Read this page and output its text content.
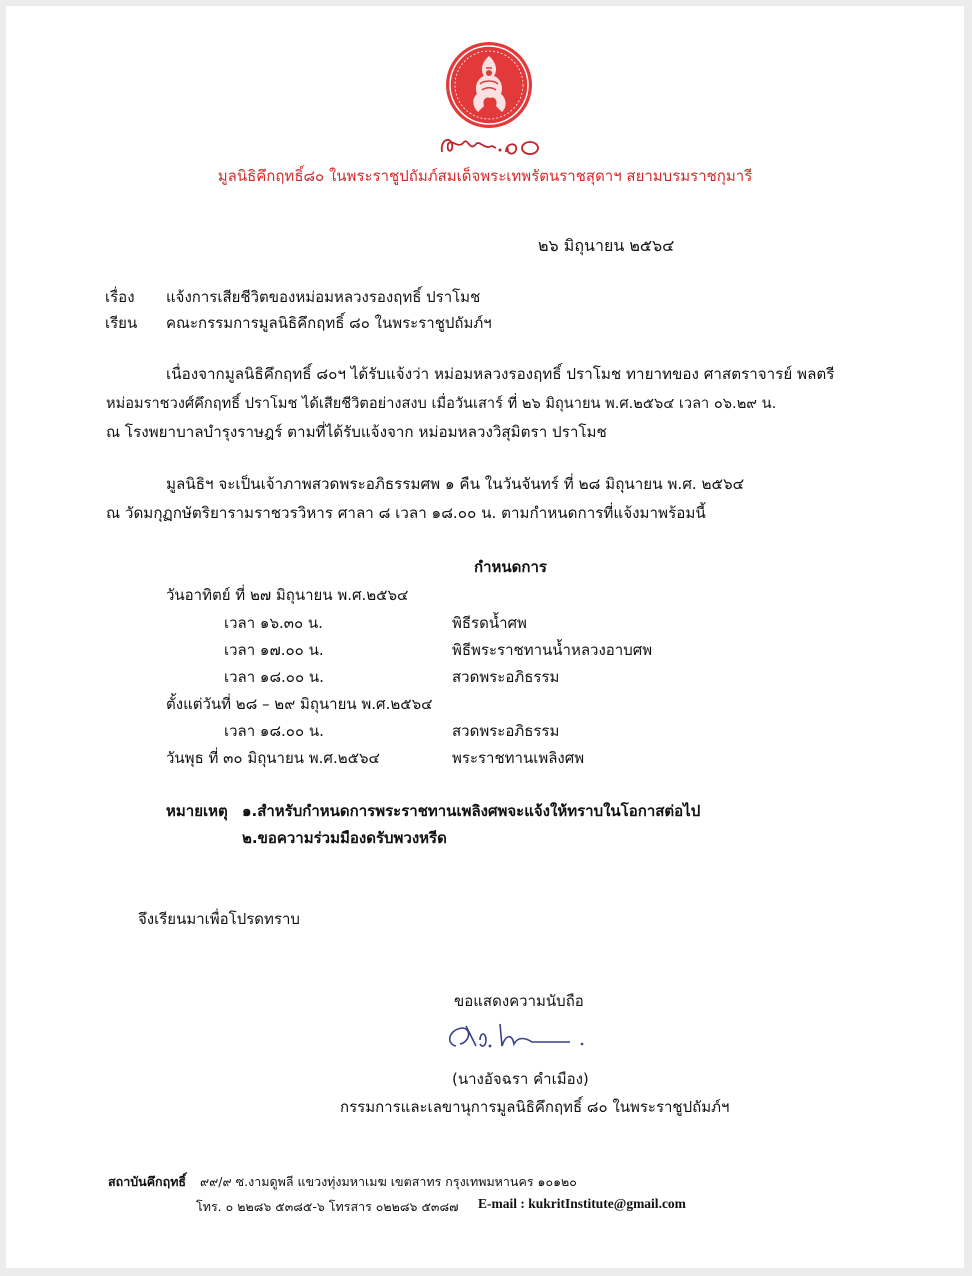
มูลนิธิคึกฤทธิ์๘๐ ในพระราชูปถัมภ์สมเด็จพระเทพรัตนราชสุดาฯ สยามบรมราชกุมารี
๒๖ มิถุนายน ๒๕๖๔
เรื่อง แจ้งการเสียชีวิตของหม่อมหลวงรองฤทธิ์ ปราโมช
เรียน คณะกรรมการมูลนิธิคึกฤทธิ์ ๘๐ ในพระราชูปถัมภ์ฯ
เนื่องจากมูลนิธิคึกฤทธิ์ ๘๐ฯ ได้รับแจ้งว่า หม่อมหลวงรองฤทธิ์ ปราโมช ทายาทของ ศาสตราจารย์ พลตรี
หม่อมราชวงศ์คึกฤทธิ์ ปราโมช ได้เสียชีวิตอย่างสงบ เมื่อวันเสาร์ ที่ ๒๖ มิถุนายน พ.ศ.๒๕๖๔ เวลา ๐๖.๒๙ น.
ณ โรงพยาบาลบำรุงราษฎร์ ตามที่ได้รับแจ้งจาก หม่อมหลวงวิสุมิตรา ปราโมช
มูลนิธิฯ จะเป็นเจ้าภาพสวดพระอภิธรรมศพ ๑ คืน ในวันจันทร์ ที่ ๒๘ มิถุนายน พ.ศ. ๒๕๖๔
ณ วัดมกุฏกษัตริยารามราชวรวิหาร ศาลา ๘ เวลา ๑๘.๐๐ น. ตามกำหนดการที่แจ้งมาพร้อมนี้
กำหนดการ
วันอาทิตย์ ที่ ๒๗ มิถุนายน พ.ศ.๒๕๖๔
เวลา ๑๖.๓๐ น.	พิธีรดน้ำศพ
เวลา ๑๗.๐๐ น.	พิธีพระราชทานน้ำหลวงอาบศพ
เวลา ๑๘.๐๐ น.	สวดพระอภิธรรม
ตั้งแต่วันที่ ๒๘ – ๒๙ มิถุนายน พ.ศ.๒๕๖๔
เวลา ๑๘.๐๐ น.	สวดพระอภิธรรม
วันพุธ ที่ ๓๐ มิถุนายน พ.ศ.๒๕๖๔	พระราชทานเพลิงศพ
หมายเหตุ ๑.สำหรับกำหนดการพระราชทานเพลิงศพจะแจ้งให้ทราบในโอกาสต่อไป
๒.ขอความร่วมมืองดรับพวงหรีด
จึงเรียนมาเพื่อโปรดทราบ
ขอแสดงความนับถือ
(นางอัจฉรา คำเมือง)
กรรมการและเลขานุการมูลนิธิคึกฤทธิ์ ๘๐ ในพระราชูปถัมภ์ฯ
สถาบันคึกฤทธิ์ ๙๙/๙ ซ.งามดูพลี แขวงทุ่งมหาเมฆ เขตสาทร กรุงเทพมหานคร ๑๐๑๒๐
โทร. ๐ ๒๒๘๖ ๕๓๘๕-๖ โทรสาร ๐๒๒๘๖ ๕๓๘๗ E-mail : kukritInstitute@gmail.com
